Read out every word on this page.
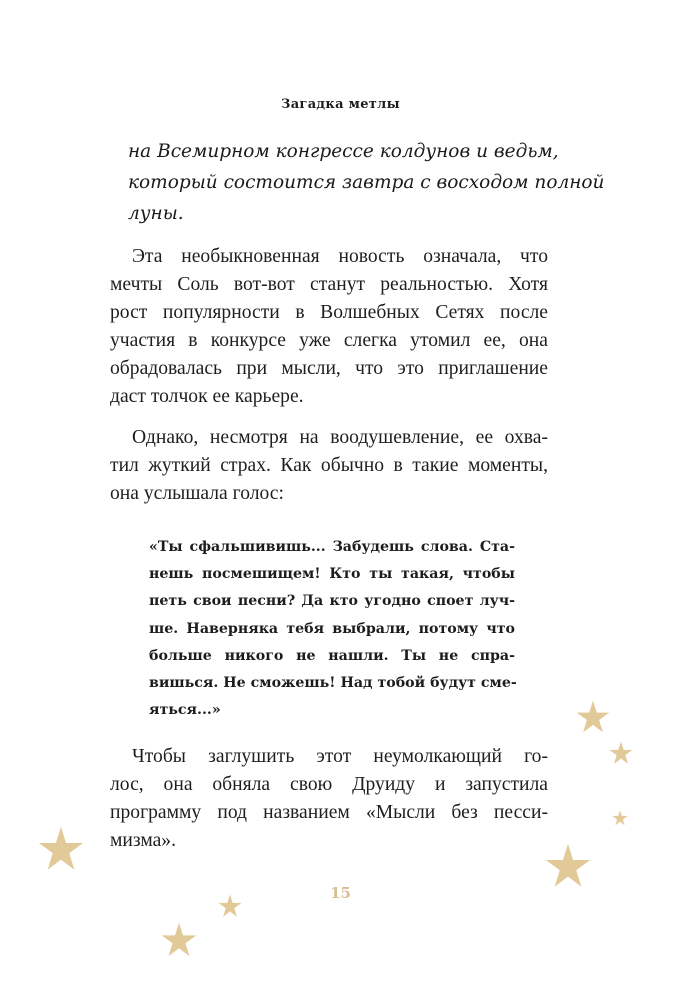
Загадка метлы
на Всемирном конгрессе колдунов и ведьм,
который состоится завтра с восходом полной
луны.
Эта необыкновенная новость означала, что
мечты Соль вот-вот станут реальностью. Хотя
рост популярности в Волшебных Сетях после
участия в конкурсе уже слегка утомил ее, она
обрадовалась при мысли, что это приглашение
даст толчок ее карьере.
Однако, несмотря на воодушевление, ее охва-
тил жуткий страх. Как обычно в такие моменты,
она услышала голос:
«Ты сфальшивишь... Забудешь слова. Ста-
нешь посмешищем! Кто ты такая, чтобы
петь свои песни? Да кто угодно споет луч-
ше. Наверняка тебя выбрали, потому что
больше никого не нашли. Ты не спра-
вишься. Не сможешь! Над тобой будут сме-
яться...»
Чтобы заглушить этот неумолкающий го-
лос, она обняла свою Друиду и запустила
программу под названием «Мысли без песси-
мизма».
15
